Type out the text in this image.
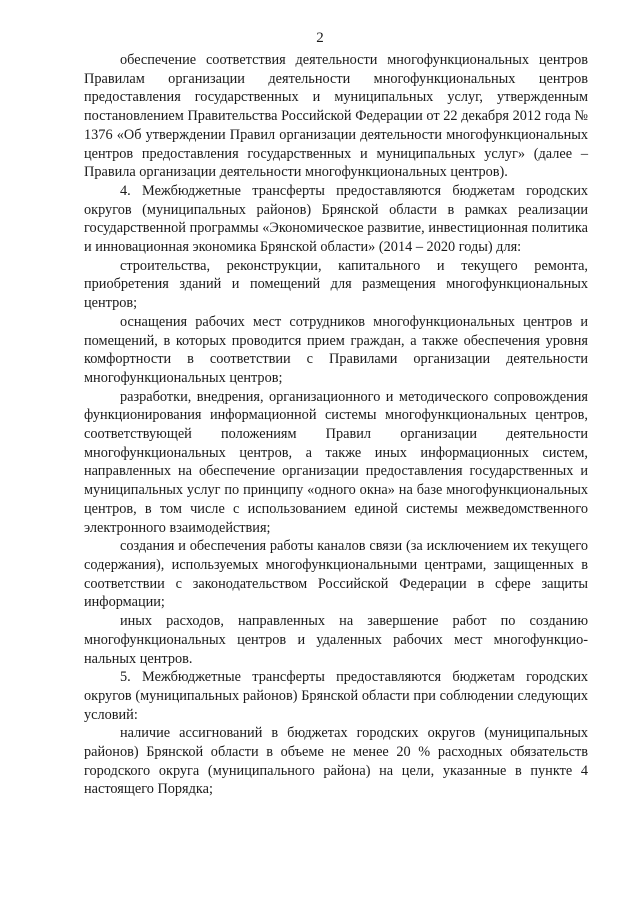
2

обеспечение соответствия деятельности многофункциональных центров Правилам организации деятельности многофункциональных центров предоставления государственных и муниципальных услуг, утвержденным постановлением Правительства Российской Федерации от 22 декабря 2012 года № 1376 «Об утверждении Правил организации деятельности многофункциональных центров предоставления государственных и муниципальных услуг» (далее – Правила организации деятельности многофункциональных центров).

4. Межбюджетные трансферты предоставляются бюджетам городских округов (муниципальных районов) Брянской области в рамках реализации государственной программы «Экономическое развитие, инвестиционная политика и инновационная экономика Брянской области» (2014 – 2020 годы) для:

строительства, реконструкции, капитального и текущего ремонта, приобретения зданий и помещений для размещения многофункциональных центров;

оснащения рабочих мест сотрудников многофункциональных центров и помещений, в которых проводится прием граждан, а также обеспечения уровня комфортности в соответствии с Правилами организации деятельности многофункциональных центров;

разработки, внедрения, организационного и методического сопровождения функционирования информационной системы многофункциональных центров, соответствующей положениям Правил организации деятельности многофункциональных центров, а также иных информационных систем, направленных на обеспечение организации предоставления государственных и муниципальных услуг по принципу «одного окна» на базе многофункциональных центров, в том числе с использованием единой системы межведомственного электронного взаимодействия;

создания и обеспечения работы каналов связи (за исключением их текущего содержания), используемых многофункциональными центрами, защищенных в соответствии с законодательством Российской Федерации в сфере защиты информации;

иных расходов, направленных на завершение работ по созданию многофункциональных центров и удаленных рабочих мест многофункциональных центров.

5. Межбюджетные трансферты предоставляются бюджетам городских округов (муниципальных районов) Брянской области при соблюдении следующих условий:

наличие ассигнований в бюджетах городских округов (муниципальных районов) Брянской области в объеме не менее 20 % расходных обязательств городского округа (муниципального района) на цели, указанные в пункте 4 настоящего Порядка;
